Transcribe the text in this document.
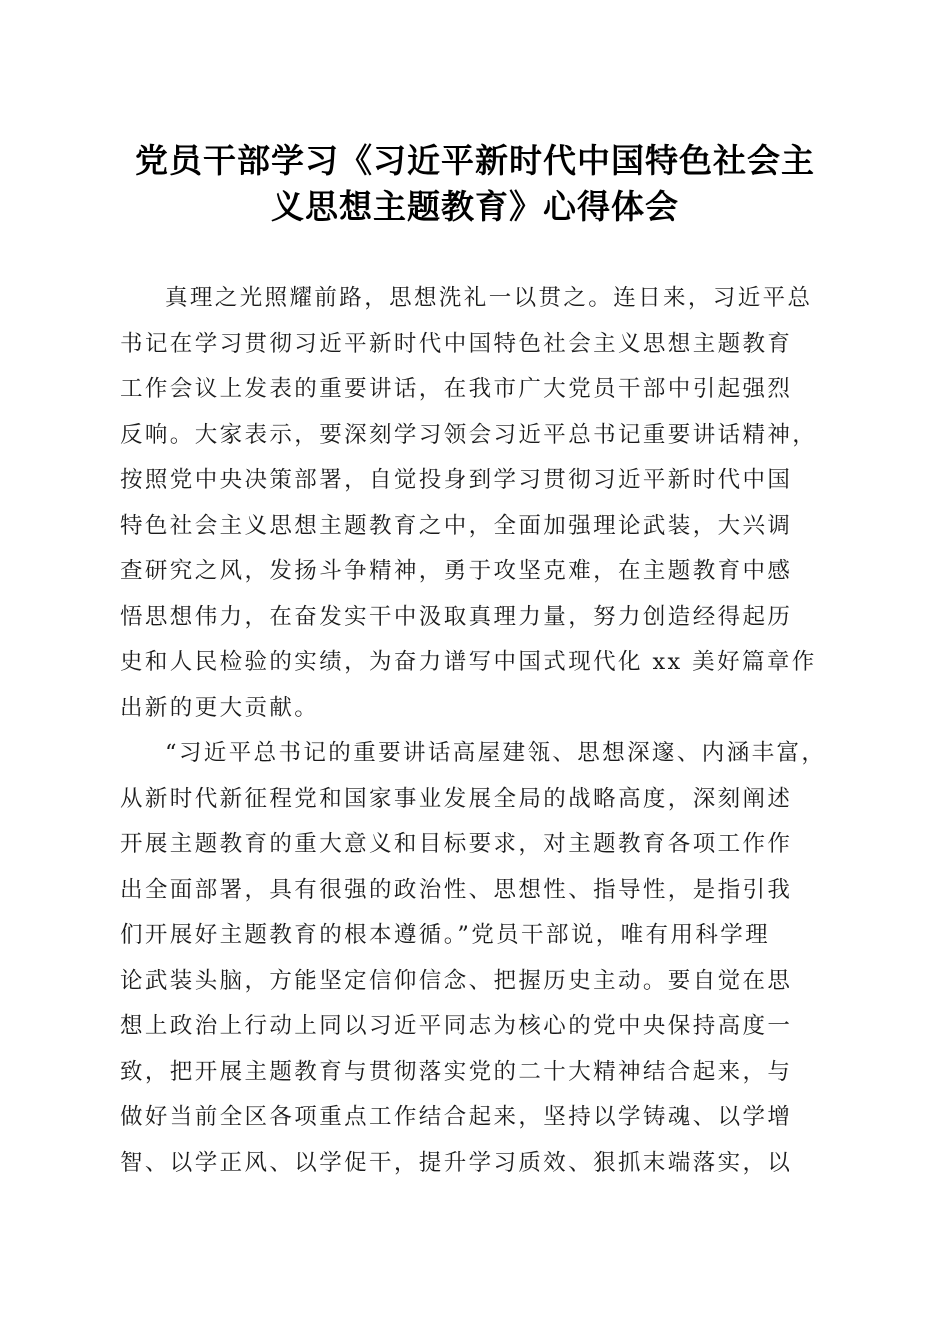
党员干部学习《习近平新时代中国特色社会主
义思想主题教育》心得体会
真理之光照耀前路，思想洗礼一以贯之。连日来，习近平总
书记在学习贯彻习近平新时代中国特色社会主义思想主题教育
工作会议上发表的重要讲话，在我市广大党员干部中引起强烈
反响。大家表示，要深刻学习领会习近平总书记重要讲话精神，
按照党中央决策部署，自觉投身到学习贯彻习近平新时代中国
特色社会主义思想主题教育之中，全面加强理论武装，大兴调
查研究之风，发扬斗争精神，勇于攻坚克难，在主题教育中感
悟思想伟力，在奋发实干中汲取真理力量，努力创造经得起历
史和人民检验的实绩，为奋力谱写中国式现代化 xx 美好篇章作
出新的更大贡献。
“习近平总书记的重要讲话高屋建瓴、思想深邃、内涵丰富，
从新时代新征程党和国家事业发展全局的战略高度，深刻阐述
开展主题教育的重大意义和目标要求，对主题教育各项工作作
出全面部署，具有很强的政治性、思想性、指导性，是指引我
们开展好主题教育的根本遵循。”党员干部说，唯有用科学理
论武装头脑，方能坚定信仰信念、把握历史主动。要自觉在思
想上政治上行动上同以习近平同志为核心的党中央保持高度一
致，把开展主题教育与贯彻落实党的二十大精神结合起来，与
做好当前全区各项重点工作结合起来，坚持以学铸魂、以学增
智、以学正风、以学促干，提升学习质效、狠抓末端落实，以
